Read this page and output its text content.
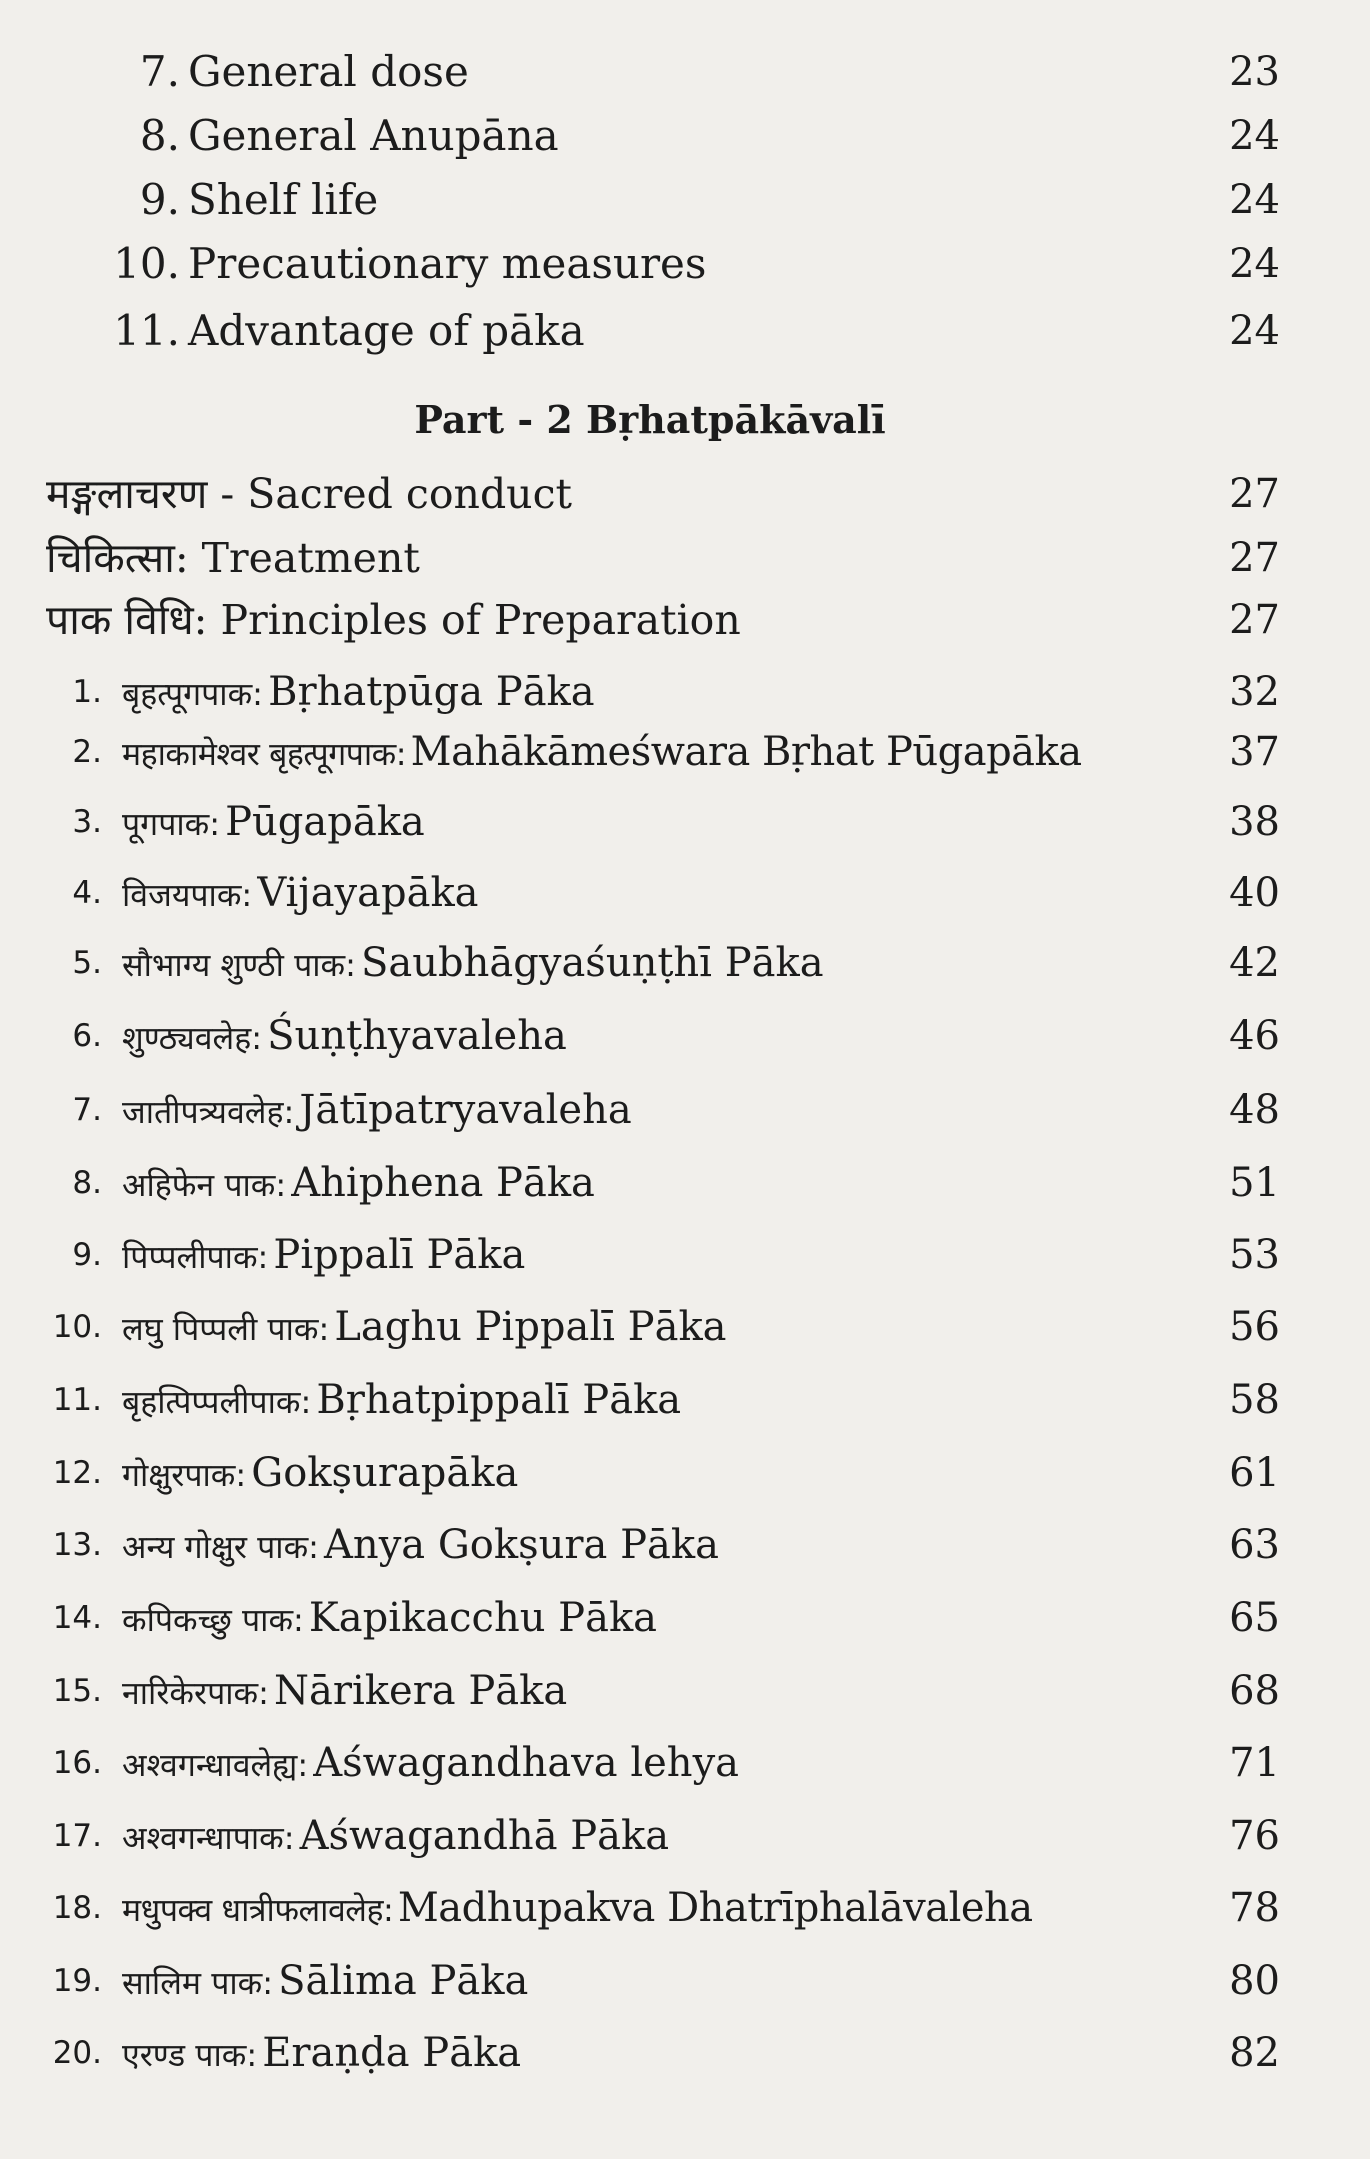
7. General dose	23
8. General Anupāna	24
9. Shelf life	24
10. Precautionary measures	24
11. Advantage of pāka	24
Part - 2 Bṛhatpākāvalī
मङ्गलाचरण - Sacred conduct	27
चिकित्सा: Treatment	27
पाक विधि: Principles of Preparation	27
1. बृहत्पूगपाक: Bṛhatpūga Pāka	32
2. महाकामेश्वर बृहत्पूगपाक: Mahākāmeśwara Bṛhat Pūgapāka	37
3. पूगपाक: Pūgapāka	38
4. विजयपाक: Vijayapāka	40
5. सौभाग्य शुण्ठी पाक: Saubhāgyaśuṇṭhī Pāka	42
6. शुण्ठ्यवलेह: Śuṇṭhyavaleha	46
7. जातीपत्र्यवलेह: Jātīpatryavaleha	48
8. अहिफेन पाक: Ahiphena Pāka	51
9. पिप्पलीपाक: Pippalī Pāka	53
10. लघु पिप्पली पाक: Laghu Pippalī Pāka	56
11. बृहत्पिप्पलीपाक: Bṛhatpippalī Pāka	58
12. गोक्षुरपाक: Gokṣurapāka	61
13. अन्य गोक्षुर पाक: Anya Gokṣura Pāka	63
14. कपिकच्छु पाक: Kapikacchu Pāka	65
15. नारिकेरपाक: Nārikera Pāka	68
16. अश्वगन्धावलेह्य: Aśwagandhava lehya	71
17. अश्वगन्धापाक: Aśwagandhā Pāka	76
18. मधुपक्व धात्रीफलावलेह: Madhupakva Dhatrīphalāvaleha	78
19. सालिम पाक: Sālima Pāka	80
20. एरण्ड पाक: Eraṇḍa Pāka	82
